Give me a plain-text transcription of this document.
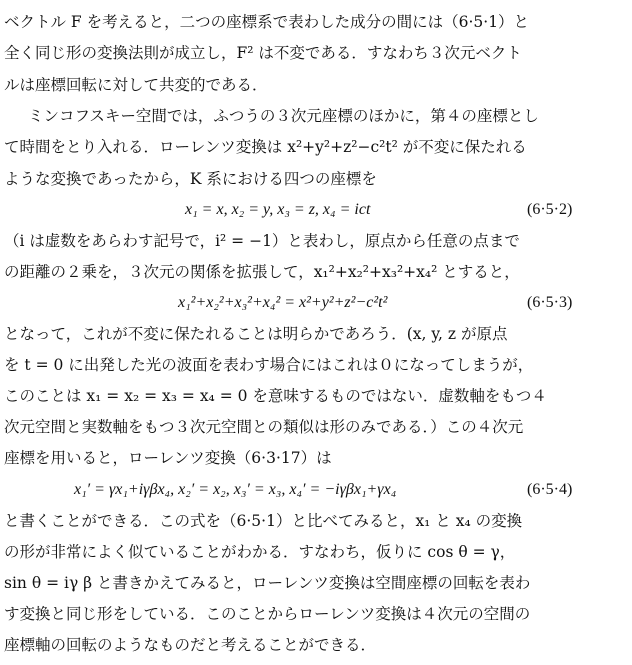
ベクトル F を考えると，二つの座標系で表わした成分の間には（6·5·1）と
全く同じ形の変換法則が成立し，F² は不変である．すなわち３次元ベクト
ルは座標回転に対して共変的である．
ミンコフスキー空間では，ふつうの３次元座標のほかに，第４の座標とし
て時間をとり入れる．ローレンツ変換は x²+y²+z²−c²t² が不変に保たれる
ような変換であったから，K 系における四つの座標を
x₁ = x, x₂ = y, x₃ = z, x₄ = ict	(6·5·2)
（i は虚数をあらわす記号で，i² = −1）と表わし，原点から任意の点まで
の距離の２乗を，３次元の関係を拡張して，x₁²+x₂²+x₃²+x₄² とすると，
x₁²+x₂²+x₃²+x₄² = x²+y²+z²−c²t²	(6·5·3)
となって，これが不変に保たれることは明らかであろう．(x, y, z が原点
を t = 0 に出発した光の波面を表わす場合にはこれは０になってしまうが，
このことは x₁ = x₂ = x₃ = x₄ = 0 を意味するものではない．虚数軸をもつ４
次元空間と実数軸をもつ３次元空間との類似は形のみである．）この４次元
座標を用いると，ローレンツ変換（6·3·17）は
x₁′ = γx₁+iγβx₄, x₂′ = x₂, x₃′ = x₃, x₄′ = −iγβx₁+γx₄	(6·5·4)
と書くことができる．この式を（6·5·1）と比べてみると，x₁ と x₄ の変換
の形が非常によく似ていることがわかる．すなわち，仮りに cos θ = γ，
sin θ = iγ β と書きかえてみると，ローレンツ変換は空間座標の回転を表わ
す変換と同じ形をしている．このことからローレンツ変換は４次元の空間の
座標軸の回転のようなものだと考えることができる．
